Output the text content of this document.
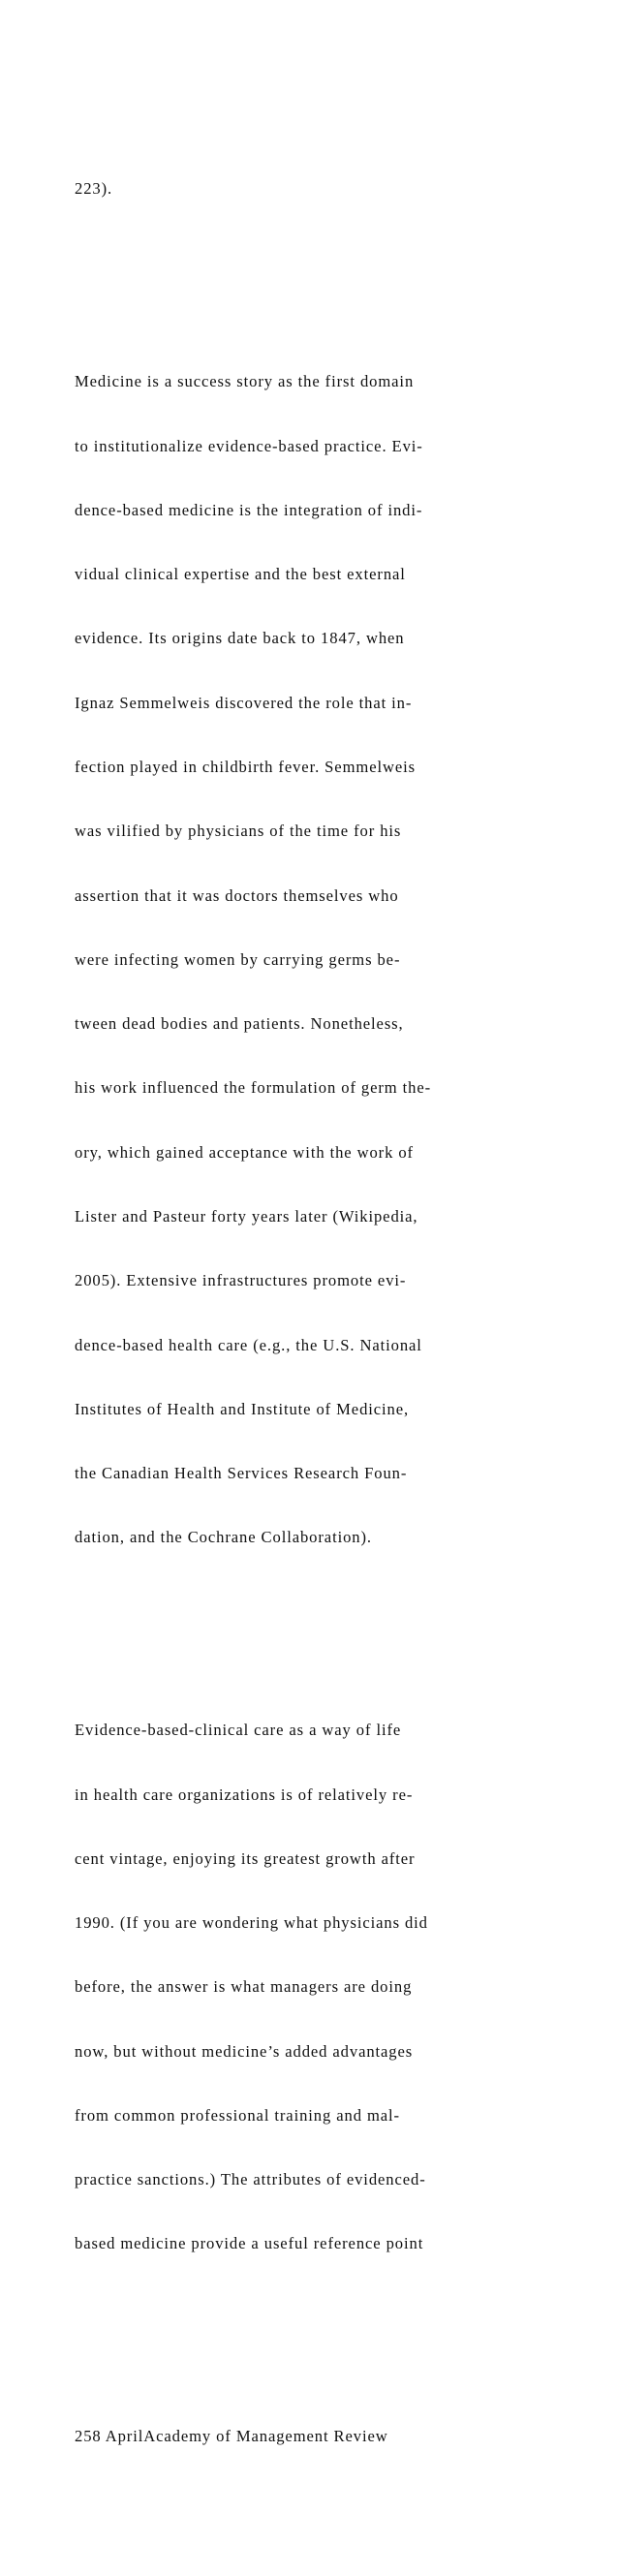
223).

Medicine is a success story as the first domain

to institutionalize evidence-based practice. Evi-

dence-based medicine is the integration of indi-

vidual clinical expertise and the best external

evidence. Its origins date back to 1847, when

Ignaz Semmelweis discovered the role that in-

fection played in childbirth fever. Semmelweis

was vilified by physicians of the time for his

assertion that it was doctors themselves who

were infecting women by carrying germs be-

tween dead bodies and patients. Nonetheless,

his work influenced the formulation of germ the-

ory, which gained acceptance with the work of

Lister and Pasteur forty years later (Wikipedia,

2005). Extensive infrastructures promote evi-

dence-based health care (e.g., the U.S. National

Institutes of Health and Institute of Medicine,

the Canadian Health Services Research Foun-

dation, and the Cochrane Collaboration).

Evidence-based-clinical care as a way of life

in health care organizations is of relatively re-

cent vintage, enjoying its greatest growth after

1990. (If you are wondering what physicians did

before, the answer is what managers are doing

now, but without medicine’s added advantages

from common professional training and mal-

practice sanctions.) The attributes of evidenced-

based medicine provide a useful reference point

258 AprilAcademy of Management Review
